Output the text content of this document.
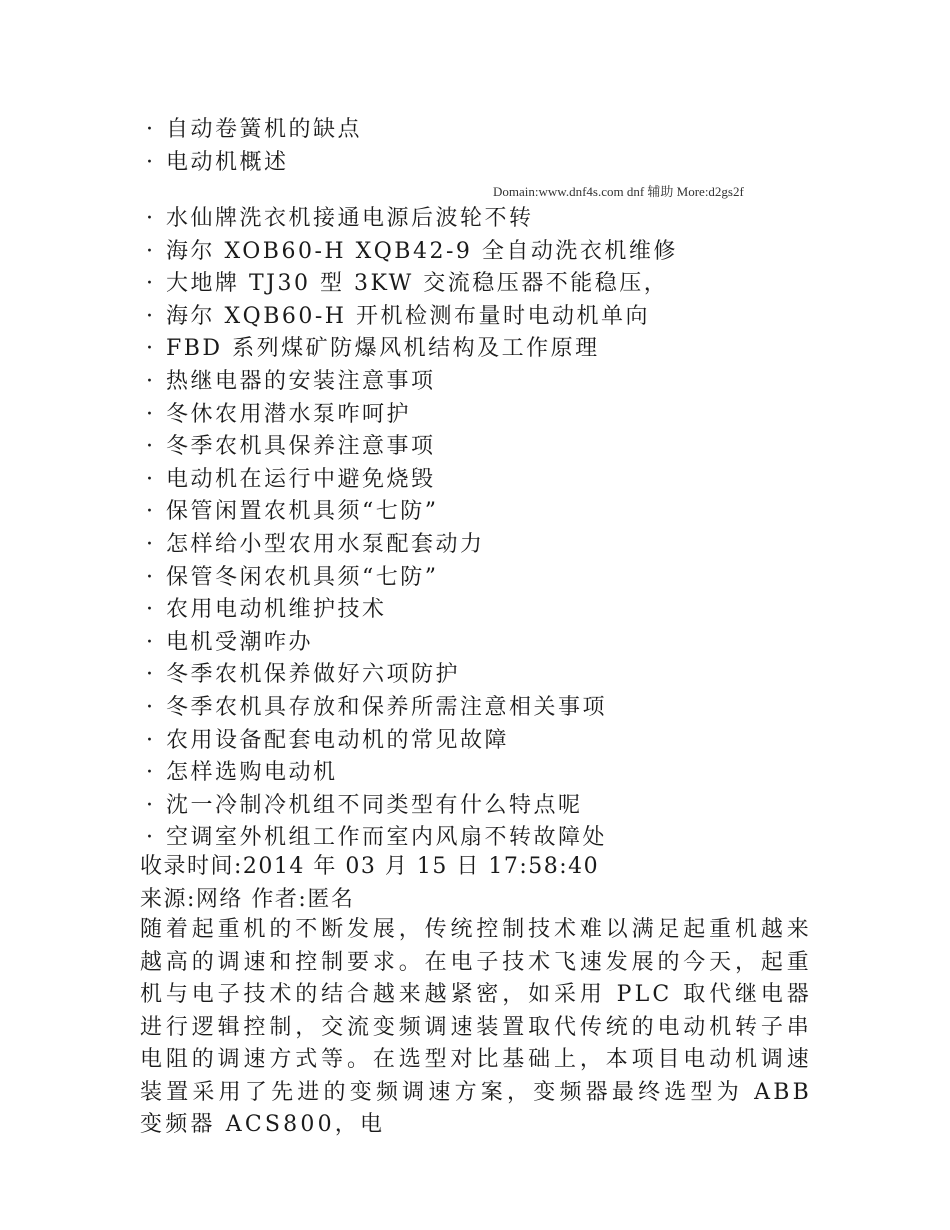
· 自动卷簧机的缺点
· 电动机概述
Domain:www.dnf4s.com dnf 辅助 More:d2gs2f
· 水仙牌洗衣机接通电源后波轮不转
· 海尔 XOB60-H XQB42-9 全自动洗衣机维修
· 大地牌 TJ30 型 3KW 交流稳压器不能稳压，
· 海尔 XQB60-H 开机检测布量时电动机单向
· FBD 系列煤矿防爆风机结构及工作原理
· 热继电器的安装注意事项
· 冬休农用潜水泵咋呵护
· 冬季农机具保养注意事项
· 电动机在运行中避免烧毁
· 保管闲置农机具须“七防”
· 怎样给小型农用水泵配套动力
· 保管冬闲农机具须“七防”
· 农用电动机维护技术
· 电机受潮咋办
· 冬季农机保养做好六项防护
· 冬季农机具存放和保养所需注意相关事项
· 农用设备配套电动机的常见故障
· 怎样选购电动机
· 沈一冷制冷机组不同类型有什么特点呢
· 空调室外机组工作而室内风扇不转故障处
收录时间:2014 年 03 月 15 日 17:58:40
来源:网络 作者:匿名
随着起重机的不断发展，传统控制技术难以满足起重机越来越高的调速和控制要求。在电子技术飞速发展的今天，起重机与电子技术的结合越来越紧密，如采用 PLC 取代继电器进行逻辑控制，交流变频调速装置取代传统的电动机转子串电阻的调速方式等。在选型对比基础上，本项目电动机调速装置采用了先进的变频调速方案，变频器最终选型为 ABB 变频器 ACS800，电
